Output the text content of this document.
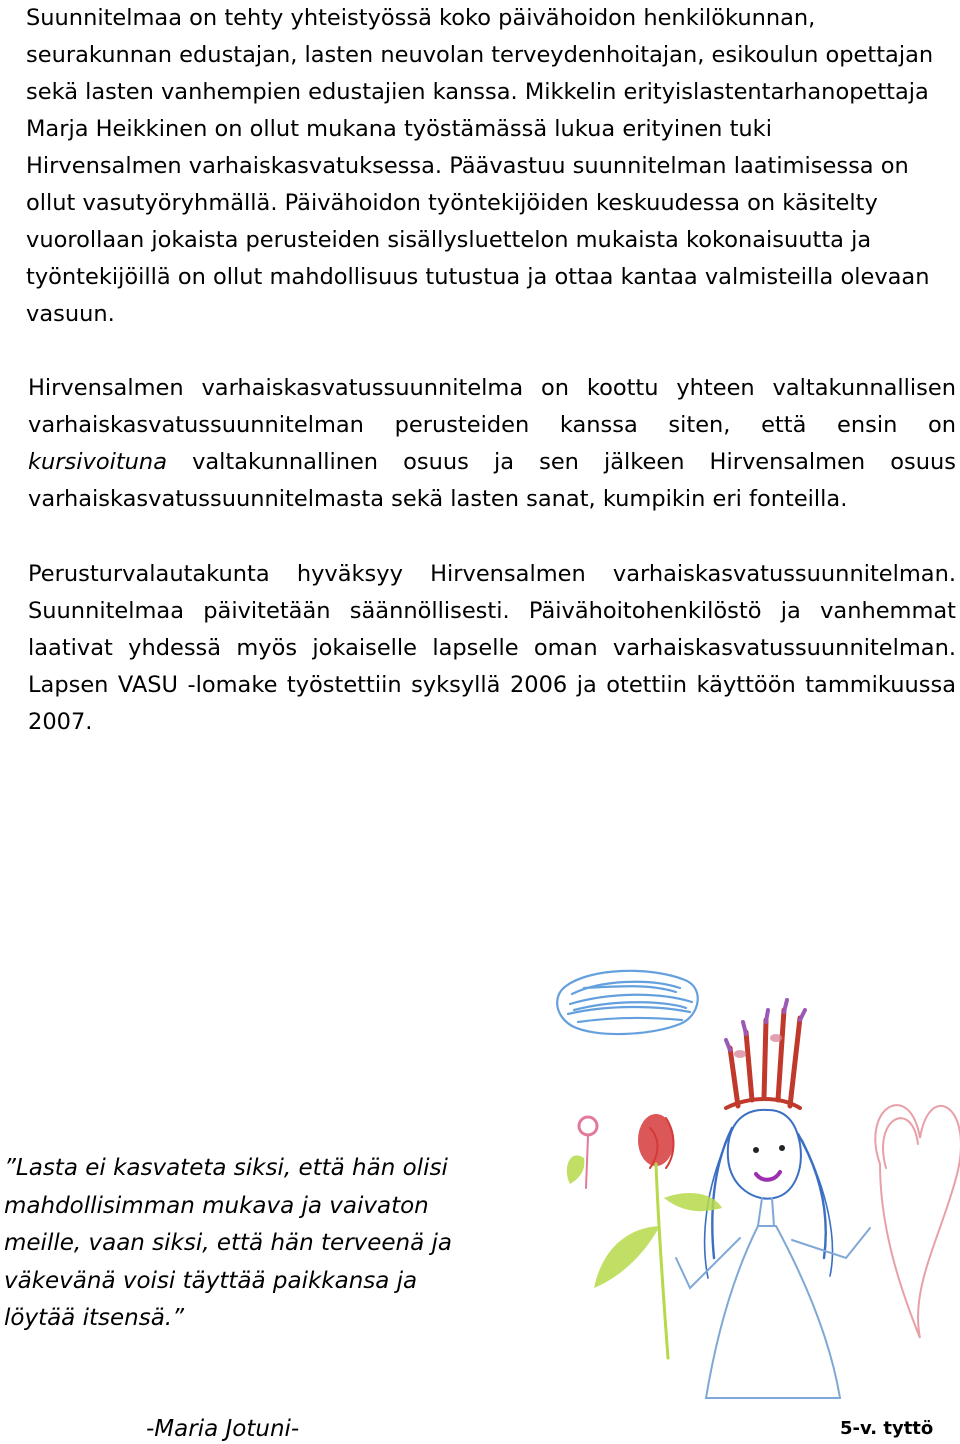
Suunnitelmaa on tehty yhteistyössä koko päivähoidon henkilökunnan, seurakunnan edustajan, lasten neuvolan terveydenhoitajan, esikoulun opettajan sekä lasten vanhempien edustajien kanssa. Mikkelin erityislastentarhanopettaja Marja Heikkinen on ollut mukana työstämässä lukua erityinen tuki Hirvensalmen varhaiskasvatuksessa. Päävastuu suunnitelman laatimisessa on ollut vasutyöryhmällä. Päivähoidon työntekijöiden keskuudessa on käsitelty vuorollaan jokaista perusteiden sisällysluettelon mukaista kokonaisuutta ja työntekijöillä on ollut mahdollisuus tutustua ja ottaa kantaa valmisteilla olevaan vasuun.

Hirvensalmen varhaiskasvatussuunnitelma on koottu yhteen valtakunnallisen varhaiskasvatussuunnitelman perusteiden kanssa siten, että ensin on kursivoituna valtakunnallinen osuus ja sen jälkeen Hirvensalmen osuus varhaiskasvatussuunnitelmasta sekä lasten sanat, kumpikin eri fonteilla.

Perusturvalautakunta hyväksyy Hirvensalmen varhaiskasvatussuunnitelman. Suunnitelmaa päivitetään säännöllisesti. Päivähoitohenkilöstö ja vanhemmat laativat yhdessä myös jokaiselle lapselle oman varhaiskasvatussuunnitelman. Lapsen VASU -lomake työstettiin syksyllä 2006 ja otettiin käyttöön tammikuussa 2007.

”Lasta ei kasvateta siksi, että hän olisi mahdollisimman mukava ja vaivaton meille, vaan siksi, että hän terveenä ja väkevänä voisi täyttää paikkansa ja löytää itsensä.”

-Maria Jotuni-	5-v. tyttö
